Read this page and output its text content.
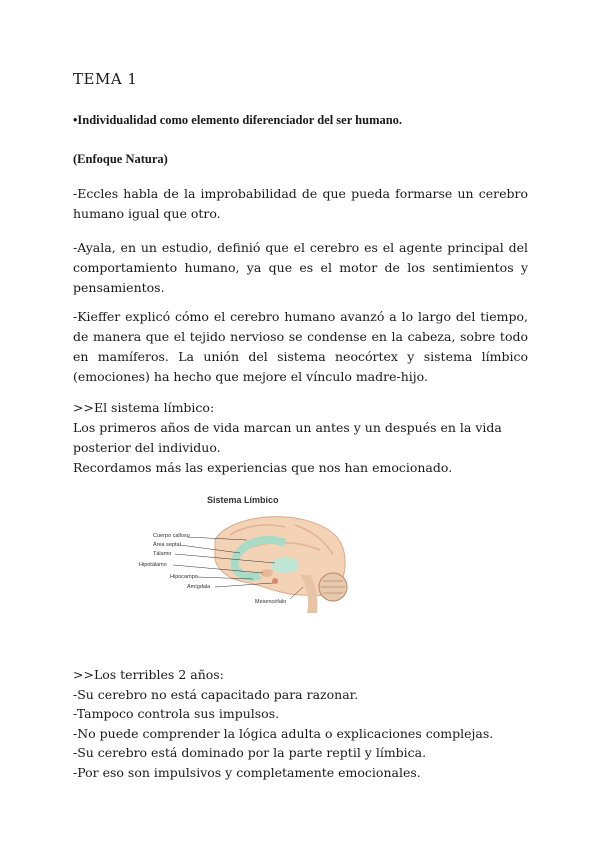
TEMA 1
•Individualidad como elemento diferenciador del ser humano.
(Enfoque Natura)

-Eccles habla de la improbabilidad de que pueda formarse un cerebro humano igual que otro.

-Ayala, en un estudio, definió que el cerebro es el agente principal del comportamiento humano, ya que es el motor de los sentimientos y pensamientos.

-Kieffer explicó cómo el cerebro humano avanzó a lo largo del tiempo, de manera que el tejido nervioso se condense en la cabeza, sobre todo en mamíferos. La unión del sistema neocórtex y sistema límbico (emociones) ha hecho que mejore el vínculo madre-hijo.

>>El sistema límbico:

Los primeros años de vida marcan un antes y un después en la vida posterior del individuo.

Recordamos más las experiencias que nos han emocionado.

>>Los terribles 2 años:
-Su cerebro no está capacitado para razonar.
-Tampoco controla sus impulsos.
-No puede comprender la lógica adulta o explicaciones complejas.
-Su cerebro está dominado por la parte reptil y límbica.
-Por eso son impulsivos y completamente emocionales.
Sistema Límbico
Cuerpo calloso
Área septal
Tálamo
Hipotálamo
Hipocampo
Amígdala
Mesencéfalo
